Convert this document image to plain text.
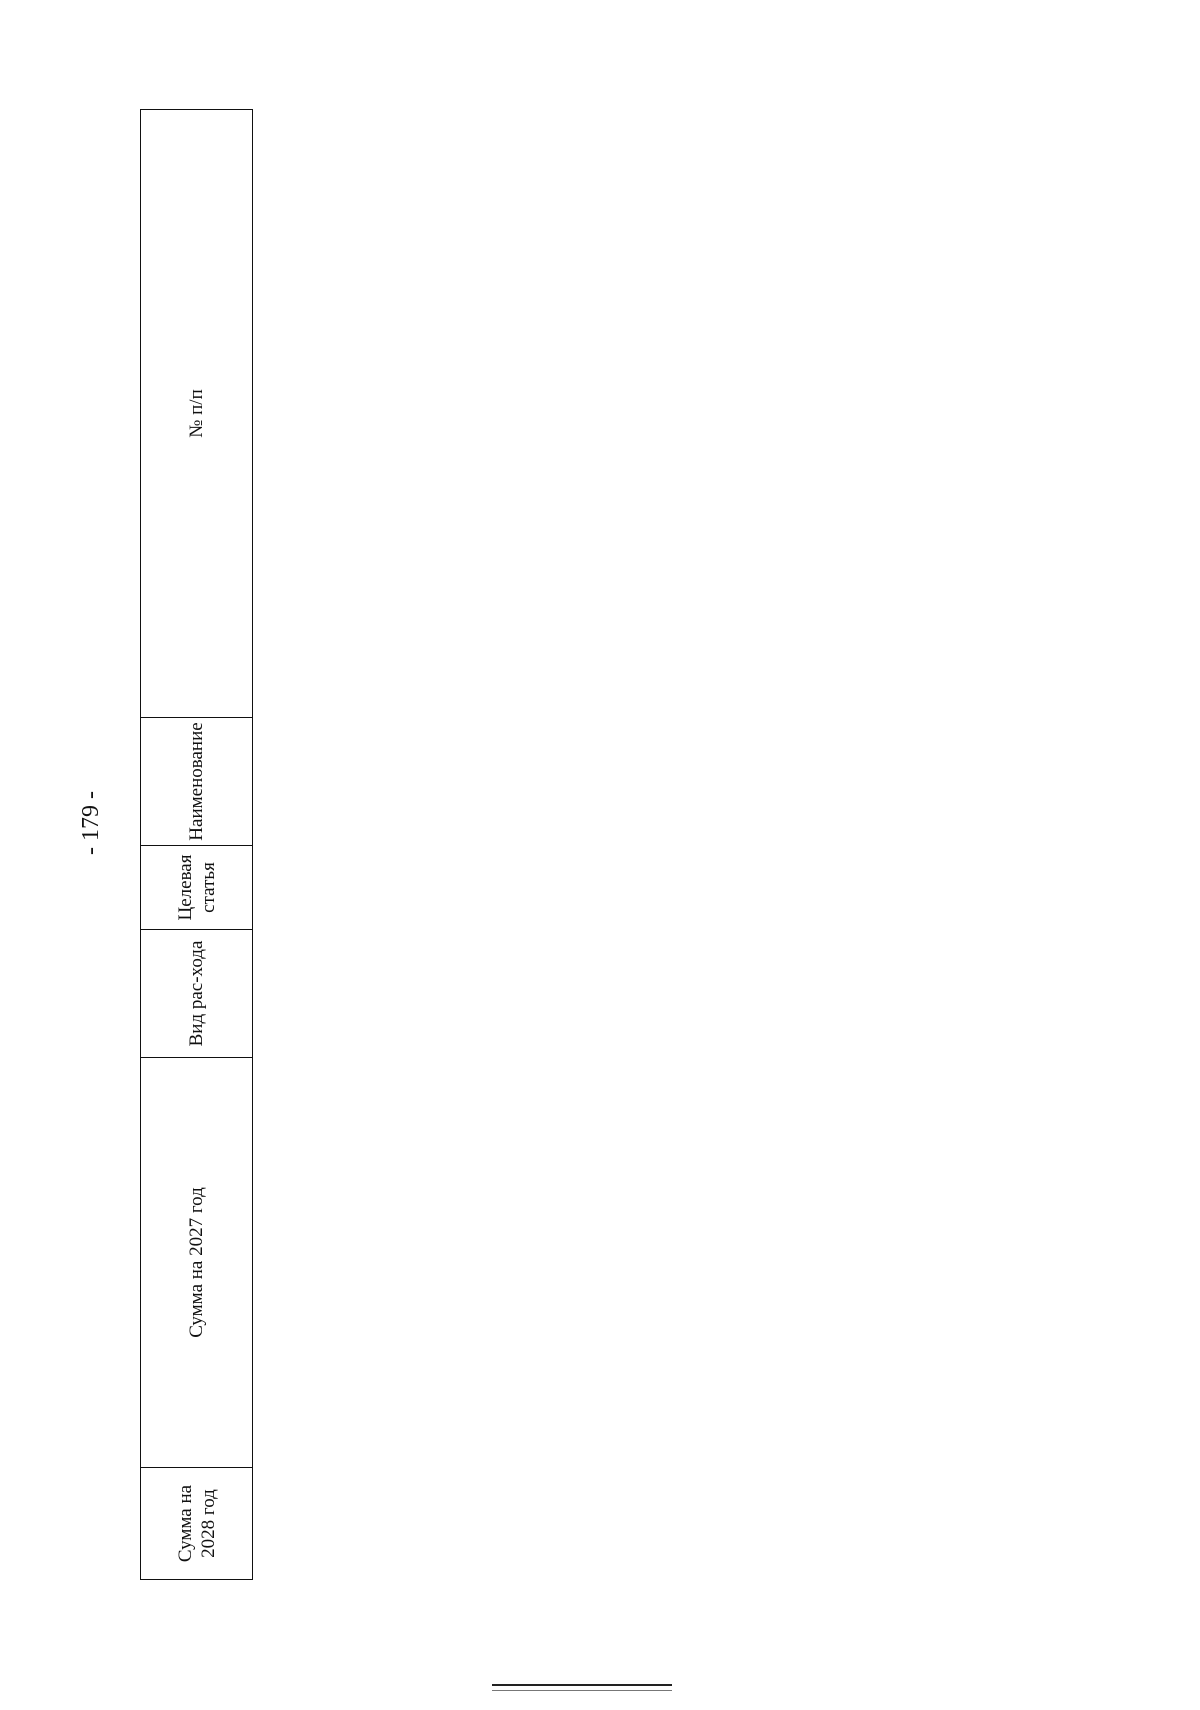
- 179 -
Сумма на 2028 год	Сумма на 2027 год	Вид рас-хода	Целевая статья	Наименование	№ п/п
